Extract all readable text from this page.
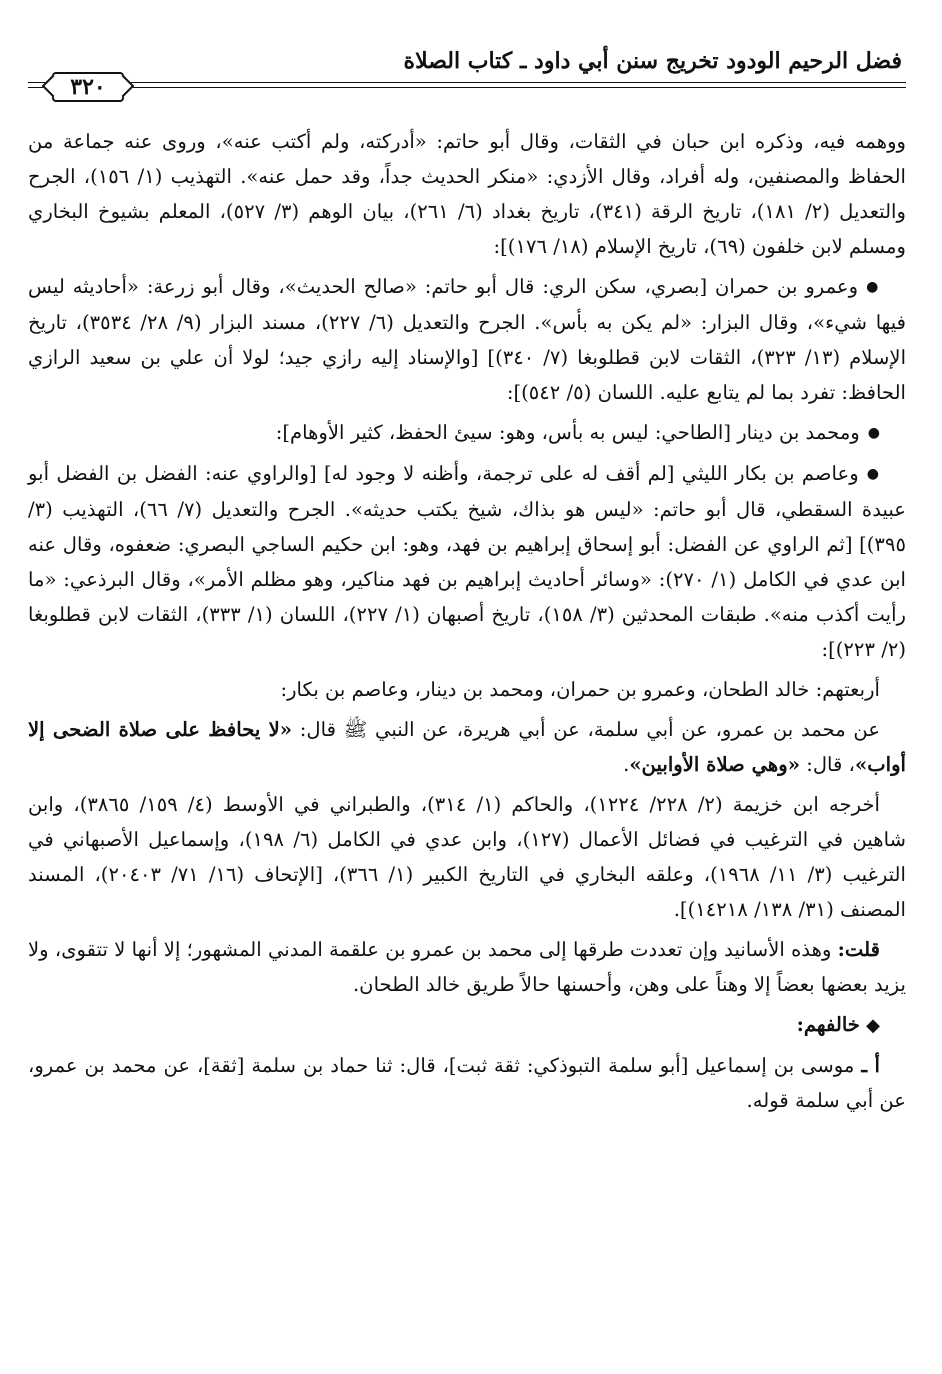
فضل الرحيم الودود تخريج سنن أبي داود ـ كتاب الصلاة
٣٢٠

ووهمه فيه، وذكره ابن حبان في الثقات، وقال أبو حاتم: «أدركته، ولم أكتب عنه»، وروى عنه جماعة من الحفاظ والمصنفين، وله أفراد، وقال الأزدي: «منكر الحديث جداً، وقد حمل عنه». التهذيب (١/ ١٥٦)، الجرح والتعديل (٢/ ١٨١)، تاريخ الرقة (٣٤١)، تاريخ بغداد (٦/ ٢٦١)، بيان الوهم (٣/ ٥٢٧)، المعلم بشيوخ البخاري ومسلم لابن خلفون (٦٩)، تاريخ الإسلام (١٨/ ١٧٦)]:

●وعمرو بن حمران [بصري، سكن الري: قال أبو حاتم: «صالح الحديث»، وقال أبو زرعة: «أحاديثه ليس فيها شيء»، وقال البزار: «لم يكن به بأس». الجرح والتعديل (٦/ ٢٢٧)، مسند البزار (٩/ ٢٨/ ٣٥٣٤)، تاريخ الإسلام (١٣/ ٣٢٣)، الثقات لابن قطلوبغا (٧/ ٣٤٠)] [والإسناد إليه رازي جيد؛ لولا أن علي بن سعيد الرازي الحافظ: تفرد بما لم يتابع عليه. اللسان (٥/ ٥٤٢)]:

●ومحمد بن دينار [الطاحي: ليس به بأس، وهو: سيئ الحفظ، كثير الأوهام]:

●وعاصم بن بكار الليثي [لم أقف له على ترجمة، وأظنه لا وجود له] [والراوي عنه: الفضل بن الفضل أبو عبيدة السقطي، قال أبو حاتم: «ليس هو بذاك، شيخ يكتب حديثه». الجرح والتعديل (٧/ ٦٦)، التهذيب (٣/ ٣٩٥)] [ثم الراوي عن الفضل: أبو إسحاق إبراهيم بن فهد، وهو: ابن حكيم الساجي البصري: ضعفوه، وقال عنه ابن عدي في الكامل (١/ ٢٧٠): «وسائر أحاديث إبراهيم بن فهد مناكير، وهو مظلم الأمر»، وقال البرذعي: «ما رأيت أكذب منه». طبقات المحدثين (٣/ ١٥٨)، تاريخ أصبهان (١/ ٢٢٧)، اللسان (١/ ٣٣٣)، الثقات لابن قطلوبغا (٢/ ٢٢٣)]:

أربعتهم: خالد الطحان، وعمرو بن حمران، ومحمد بن دينار، وعاصم بن بكار:

عن محمد بن عمرو، عن أبي سلمة، عن أبي هريرة، عن النبي ﷺ قال: «لا يحافظ على صلاة الضحى إلا أواب»، قال: «وهي صلاة الأوابين».

أخرجه ابن خزيمة (٢/ ٢٢٨/ ١٢٢٤)، والحاكم (١/ ٣١٤)، والطبراني في الأوسط (٤/ ١٥٩/ ٣٨٦٥)، وابن شاهين في الترغيب في فضائل الأعمال (١٢٧)، وابن عدي في الكامل (٦/ ١٩٨)، وإسماعيل الأصبهاني في الترغيب (٣/ ١١/ ١٩٦٨)، وعلقه البخاري في التاريخ الكبير (١/ ٣٦٦)، [الإتحاف (١٦/ ٧١/ ٢٠٤٠٣)، المسند المصنف (٣١/ ١٣٨/ ١٤٢١٨)].

قلت: وهذه الأسانيد وإن تعددت طرقها إلى محمد بن عمرو بن علقمة المدني المشهور؛ إلا أنها لا تتقوى، ولا يزيد بعضها بعضاً إلا وهناً على وهن، وأحسنها حالاً طريق خالد الطحان.

◆ خالفهم:

أ ـ موسى بن إسماعيل [أبو سلمة التبوذكي: ثقة ثبت]، قال: ثنا حماد بن سلمة [ثقة]، عن محمد بن عمرو، عن أبي سلمة قوله.
